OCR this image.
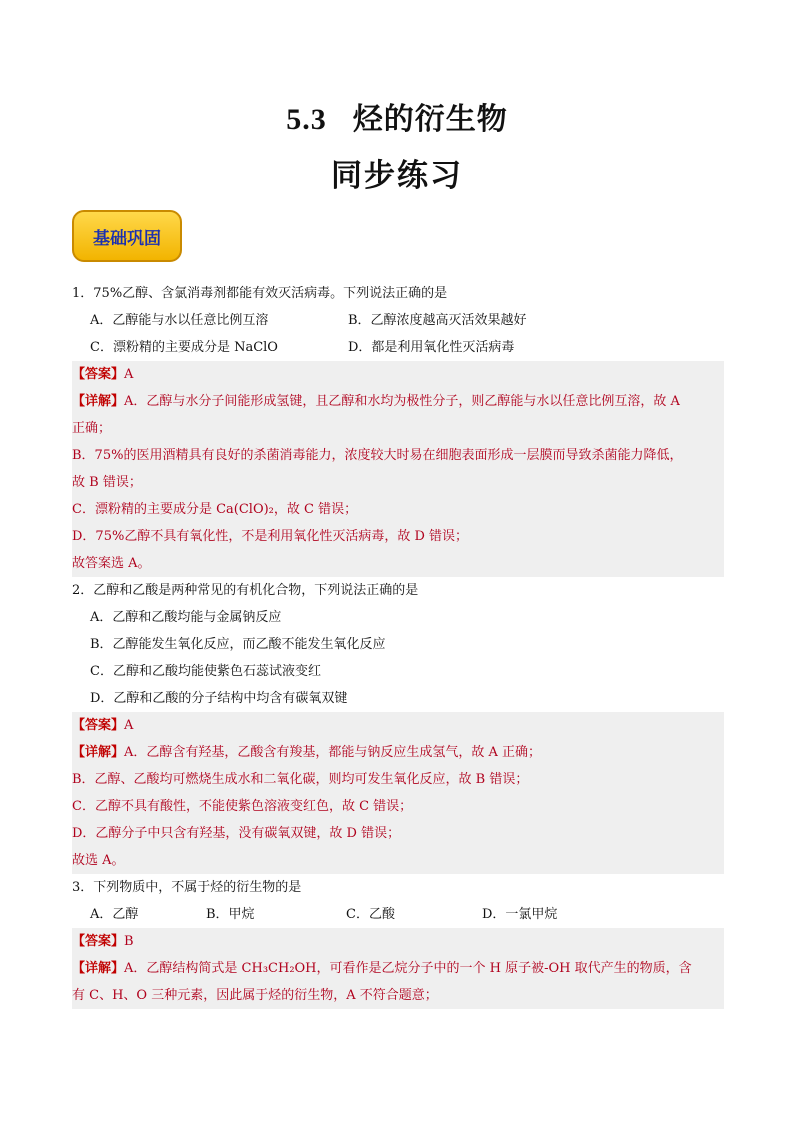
5.3 烃的衍生物
同步练习
基础巩固
1．75%乙醇、含氯消毒剂都能有效灭活病毒。下列说法正确的是
A．乙醇能与水以任意比例互溶	B．乙醇浓度越高灭活效果越好
C．漂粉精的主要成分是 NaClO	D．都是利用氧化性灭活病毒
【答案】A
【详解】A．乙醇与水分子间能形成氢键，且乙醇和水均为极性分子，则乙醇能与水以任意比例互溶，故 A
正确；
B．75%的医用酒精具有良好的杀菌消毒能力，浓度较大时易在细胞表面形成一层膜而导致杀菌能力降低，
故 B 错误；
C．漂粉精的主要成分是 Ca(ClO)₂，故 C 错误；
D．75%乙醇不具有氧化性，不是利用氧化性灭活病毒，故 D 错误；
故答案选 A。
2．乙醇和乙酸是两种常见的有机化合物，下列说法正确的是
A．乙醇和乙酸均能与金属钠反应
B．乙醇能发生氧化反应，而乙酸不能发生氧化反应
C．乙醇和乙酸均能使紫色石蕊试液变红
D．乙醇和乙酸的分子结构中均含有碳氧双键
【答案】A
【详解】A．乙醇含有羟基，乙酸含有羧基，都能与钠反应生成氢气，故 A 正确；
B．乙醇、乙酸均可燃烧生成水和二氧化碳，则均可发生氧化反应，故 B 错误；
C．乙醇不具有酸性，不能使紫色溶液变红色，故 C 错误；
D．乙醇分子中只含有羟基，没有碳氧双键，故 D 错误；
故选 A。
3．下列物质中，不属于烃的衍生物的是
A．乙醇	B．甲烷	C．乙酸	D．一氯甲烷
【答案】B
【详解】A．乙醇结构简式是 CH₃CH₂OH，可看作是乙烷分子中的一个 H 原子被-OH 取代产生的物质，含
有 C、H、O 三种元素，因此属于烃的衍生物，A 不符合题意；
